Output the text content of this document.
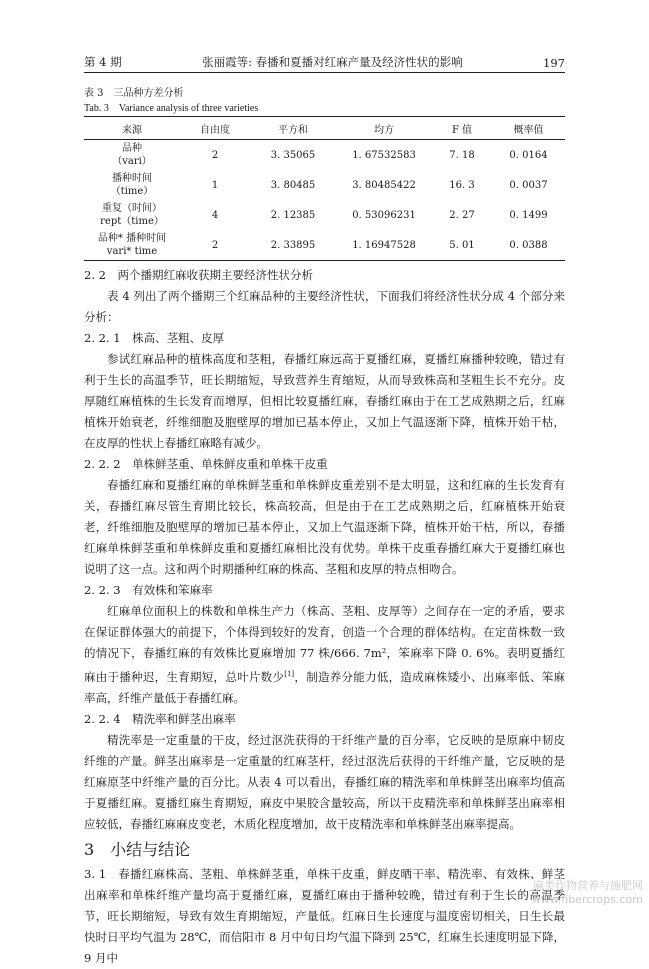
第 4 期	张丽霞等: 春播和夏播对红麻产量及经济性状的影响	197
表 3　三品种方差分析
Tab. 3　Variance analysis of three varieties
来源	自由度	平方和	均方	F 值	概率值

品种
（vari）	2	3. 35065	1. 67532583	7. 18	0. 0164

播种时间
（time）	1	3. 80485	3. 80485422	16. 3	0. 0037

重复（时间）
rept（time）	4	2. 12385	0. 53096231	2. 27	0. 1499

品种* 播种时间
vari* time	2	2. 33895	1. 16947528	5. 01	0. 0388
2. 2　两个播期红麻收获期主要经济性状分析
表 4 列出了两个播期三个红麻品种的主要经济性状，下面我们将经济性状分成 4 个部分来分析：
2. 2. 1　株高、茎粗、皮厚
参试红麻品种的植株高度和茎粗，春播红麻远高于夏播红麻，夏播红麻播种较晚，错过有利于生长的高温季节，旺长期缩短，导致营养生育缩短，从而导致株高和茎粗生长不充分。皮厚随红麻植株的生长发育而增厚，但相比较夏播红麻，春播红麻由于在工艺成熟期之后，红麻植株开始衰老，纤维细胞及胞壁厚的增加已基本停止，又加上气温逐渐下降，植株开始干枯，在皮厚的性状上春播红麻略有减少。
2. 2. 2　单株鲜茎重、单株鲜皮重和单株干皮重
春播红麻和夏播红麻的单株鲜茎重和单株鲜皮重差别不是太明显，这和红麻的生长发育有关，春播红麻尽管生育期比较长，株高较高，但是由于在工艺成熟期之后，红麻植株开始衰老，纤维细胞及胞壁厚的增加已基本停止，又加上气温逐渐下降，植株开始干枯，所以，春播红麻单株鲜茎重和单株鲜皮重和夏播红麻相比没有优势。单株干皮重春播红麻大于夏播红麻也说明了这一点。这和两个时期播种红麻的株高、茎粗和皮厚的特点相吻合。
2. 2. 3　有效株和笨麻率
红麻单位面积上的株数和单株生产力（株高、茎粗、皮厚等）之间存在一定的矛盾，要求在保证群体强大的前提下，个体得到较好的发育，创造一个合理的群体结构。在定苗株数一致的情况下，春播红麻的有效株比夏麻增加 77 株/666. 7m²，笨麻率下降 0. 6%。表明夏播红麻由于播种迟，生育期短，总叶片数少[1]，制造养分能力低，造成麻株矮小、出麻率低、笨麻率高，纤维产量低于春播红麻。
2. 2. 4　精洗率和鲜茎出麻率
精洗率是一定重量的干皮，经过沤洗获得的干纤维产量的百分率，它反映的是原麻中韧皮纤维的产量。鲜茎出麻率是一定重量的红麻茎杆，经过沤洗后获得的干纤维产量，它反映的是红麻原茎中纤维产量的百分比。从表 4 可以看出，春播红麻的精洗率和单株鲜茎出麻率均值高于夏播红麻。夏播红麻生育期短，麻皮中果胶含量较高，所以干皮精洗率和单株鲜茎出麻率相应较低，春播红麻麻皮变老，木质化程度增加，故干皮精洗率和单株鲜茎出麻率提高。
3　小结与结论
3. 1　春播红麻株高、茎粗、单株鲜茎重，单株干皮重，鲜皮晒干率、精洗率、有效株、鲜茎出麻率和单株纤维产量均高于夏播红麻，夏播红麻由于播种较晚，错过有利于生长的高温季节，旺长期缩短，导致有效生育期缩短，产量低。红麻日生长速度与温度密切相关，日生长最快时日平均气温为 28℃，而信阳市 8 月中旬日均气温下降到 25℃，红麻生长速度明显下降，9 月中
麻类作物营养与施肥网
www.fibercrops.com
